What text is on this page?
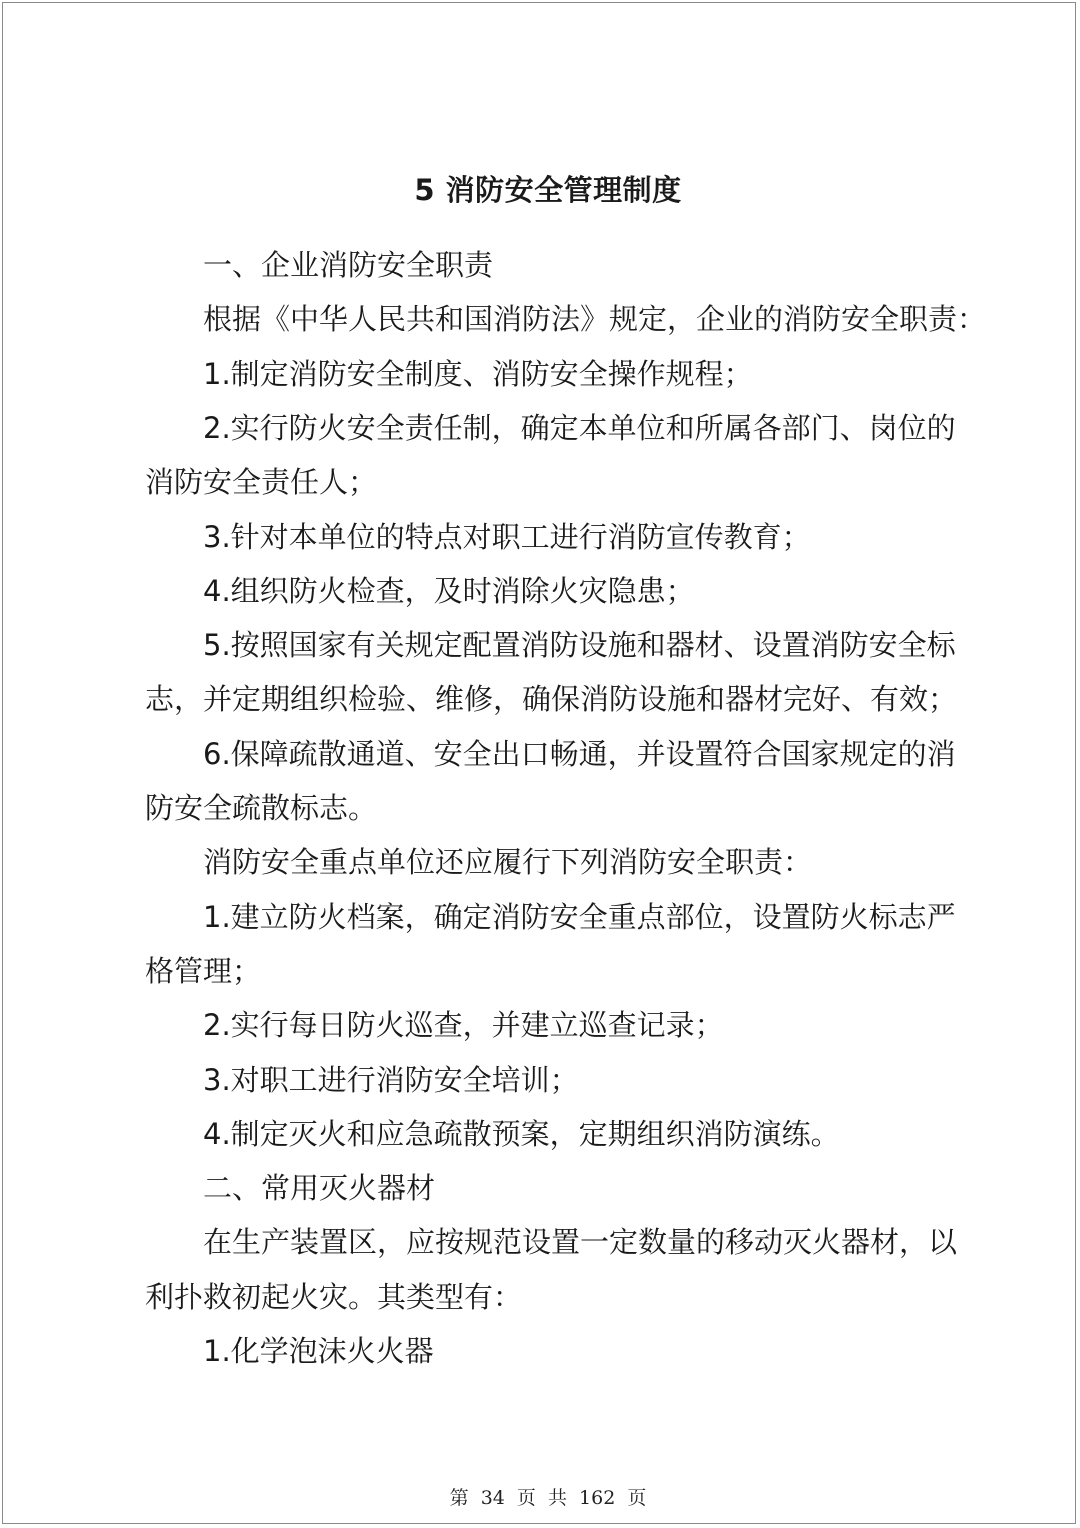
5 消防安全管理制度
一、企业消防安全职责
根据《中华人民共和国消防法》规定，企业的消防安全职责：
1.制定消防安全制度、消防安全操作规程；
2.实行防火安全责任制，确定本单位和所属各部门、岗位的
消防安全责任人；
3.针对本单位的特点对职工进行消防宣传教育；
4.组织防火检查，及时消除火灾隐患；
5.按照国家有关规定配置消防设施和器材、设置消防安全标
志，并定期组织检验、维修，确保消防设施和器材完好、有效；
6.保障疏散通道、安全出口畅通，并设置符合国家规定的消
防安全疏散标志。
消防安全重点单位还应履行下列消防安全职责：
1.建立防火档案，确定消防安全重点部位，设置防火标志严
格管理；
2.实行每日防火巡查，并建立巡查记录；
3.对职工进行消防安全培训；
4.制定灭火和应急疏散预案，定期组织消防演练。
二、常用灭火器材
在生产装置区，应按规范设置一定数量的移动灭火器材，以
利扑救初起火灾。其类型有：
1.化学泡沫火火器
第 34 页 共 162 页
